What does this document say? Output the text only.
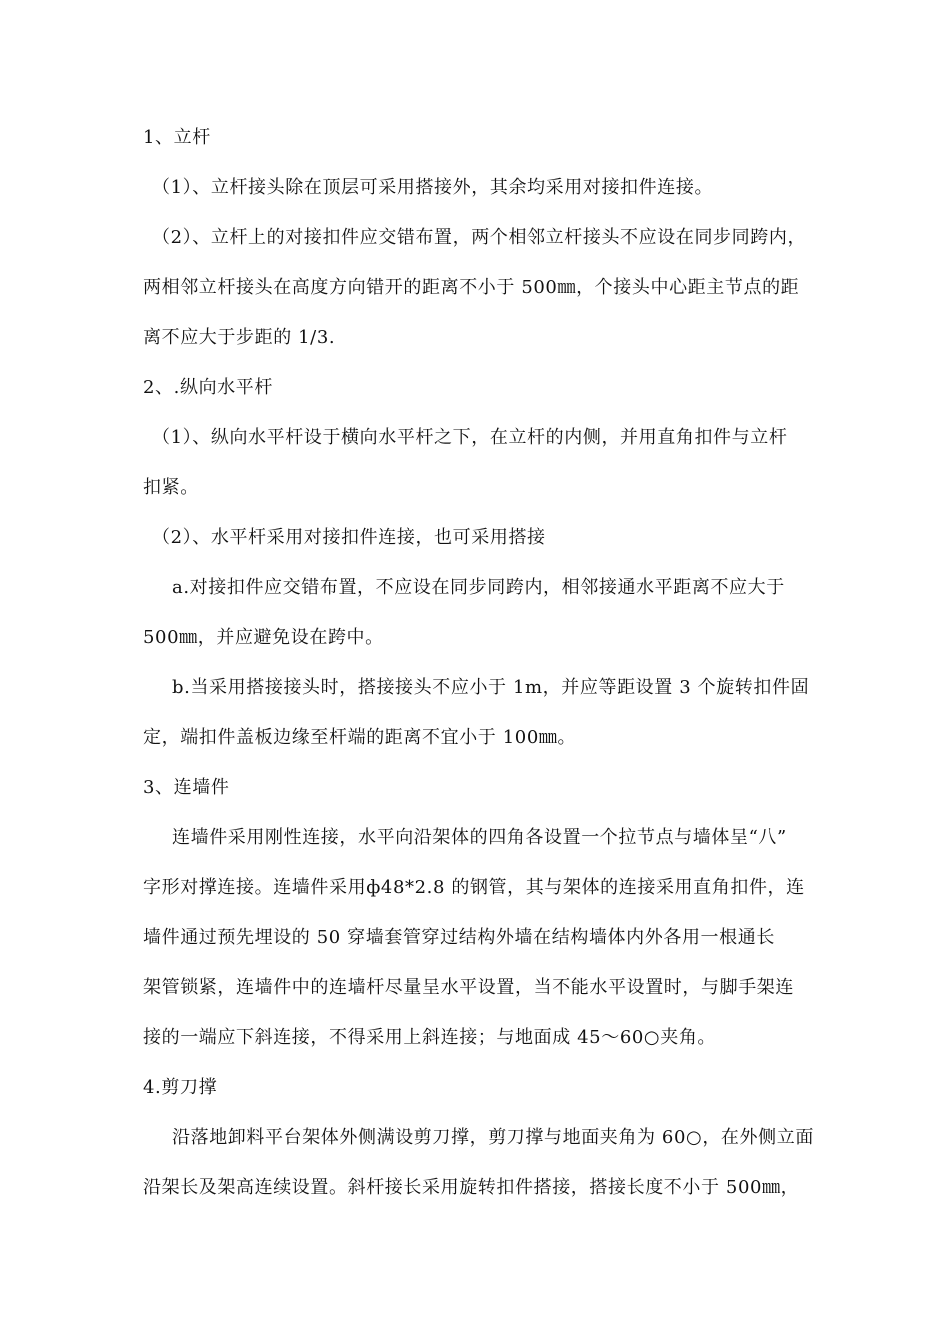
1、立杆
（1）、立杆接头除在顶层可采用搭接外，其余均采用对接扣件连接。
（2）、立杆上的对接扣件应交错布置，两个相邻立杆接头不应设在同步同跨内，
两相邻立杆接头在高度方向错开的距离不小于 500㎜，个接头中心距主节点的距
离不应大于步距的 1/3.
2、.纵向水平杆
（1）、纵向水平杆设于横向水平杆之下，在立杆的内侧，并用直角扣件与立杆
扣紧。
（2）、水平杆采用对接扣件连接，也可采用搭接
a.对接扣件应交错布置，不应设在同步同跨内，相邻接通水平距离不应大于
500㎜，并应避免设在跨中。
b.当采用搭接接头时，搭接接头不应小于 1m，并应等距设置 3 个旋转扣件固
定，端扣件盖板边缘至杆端的距离不宜小于 100㎜。
3、连墙件
连墙件采用刚性连接，水平向沿架体的四角各设置一个拉节点与墙体呈“八”
字形对撑连接。连墙件采用ф48*2.8 的钢管，其与架体的连接采用直角扣件，连
墙件通过预先埋设的 50 穿墙套管穿过结构外墙在结构墙体内外各用一根通长
架管锁紧，连墙件中的连墙杆尽量呈水平设置，当不能水平设置时，与脚手架连
接的一端应下斜连接，不得采用上斜连接；与地面成 45～60○夹角。
4.剪刀撑
沿落地卸料平台架体外侧满设剪刀撑，剪刀撑与地面夹角为 60○，在外侧立面
沿架长及架高连续设置。斜杆接长采用旋转扣件搭接，搭接长度不小于 500㎜，
